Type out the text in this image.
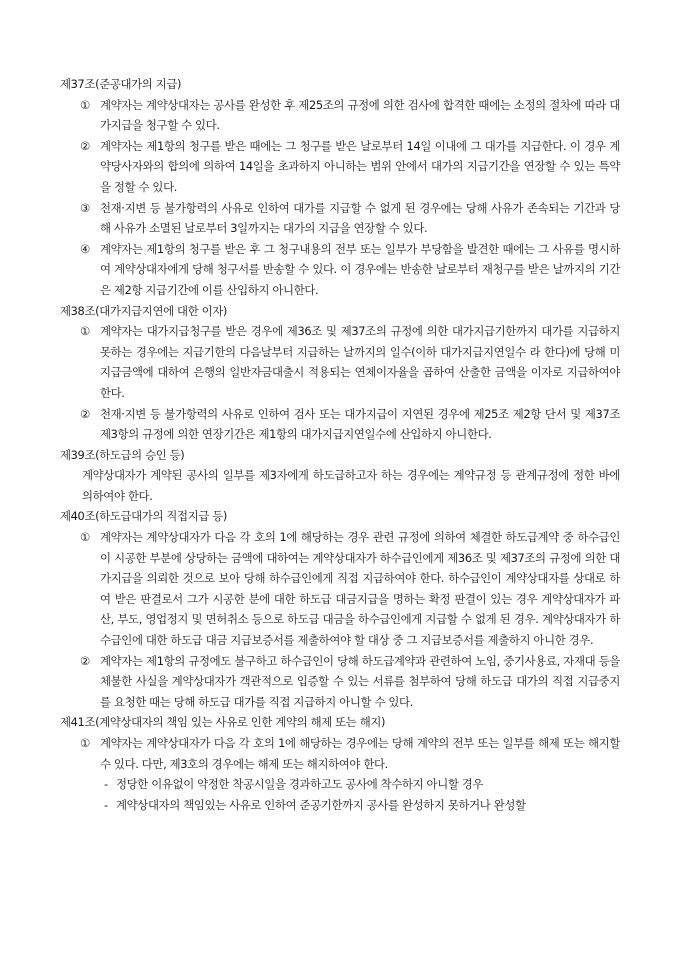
제37조(준공대가의 지급)
① 계약자는 계약상대자는 공사를 완성한 후 제25조의 규정에 의한 검사에 합격한 때에는 소정의 절차에 따라 대가지급을 청구할 수 있다.
② 계약자는 제1항의 청구를 받은 때에는 그 청구를 받은 날로부터 14일 이내에 그 대가를 지급한다. 이 경우 계약당사자와의 합의에 의하여 14일을 초과하지 아니하는 범위 안에서 대가의 지급기간을 연장할 수 있는 특약을 정할 수 있다.
③ 천재·지변 등 불가항력의 사유로 인하여 대가를 지급할 수 없게 된 경우에는 당해 사유가 존속되는 기간과 당해 사유가 소멸된 날로부터 3일까지는 대가의 지급을 연장할 수 있다.
④ 계약자는 제1항의 청구를 받은 후 그 청구내용의 전부 또는 일부가 부당함을 발견한 때에는 그 사유를 명시하여 계약상대자에게 당해 청구서를 반송할 수 있다. 이 경우에는 반송한 날로부터 재청구를 받은 날까지의 기간은 제2항 지급기간에 이를 산입하지 아니한다.
제38조(대가지급지연에 대한 이자)
① 계약자는 대가지급청구를 받은 경우에 제36조 및 제37조의 규정에 의한 대가지급기한까지 대가를 지급하지 못하는 경우에는 지급기한의 다음날부터 지급하는 날까지의 일수(이하 대가지급지연일수 라 한다)에 당해 미지급금액에 대하여 은행의 일반자금대출시 적용되는 연체이자율을 곱하여 산출한 금액을 이자로 지급하여야 한다.
② 천재·지변 등 불가항력의 사유로 인하여 검사 또는 대가지급이 지연된 경우에 제25조 제2항 단서 및 제37조 제3항의 규정에 의한 연장기간은 제1항의 대가지급지연일수에 산입하지 아니한다.
제39조(하도급의 승인 등)
계약상대자가 계약된 공사의 일부를 제3자에게 하도급하고자 하는 경우에는 계약규정 등 관계규정에 정한 바에 의하여야 한다.
제40조(하도급대가의 직접지급 등)
① 계약자는 계약상대자가 다음 각 호의 1에 해당하는 경우 관련 규정에 의하여 체결한 하도급계약 중 하수급인이 시공한 부분에 상당하는 금액에 대하여는 계약상대자가 하수급인에게 제36조 및 제37조의 규정에 의한 대가지급을 의뢰한 것으로 보아 당해 하수급인에게 직접 지급하여야 한다. 하수급인이 계약상대자를 상대로 하여 받은 판결로서 그가 시공한 분에 대한 하도급 대금지급을 명하는 확정 판결이 있는 경우 계약상대자가 파산, 부도, 영업정지 및 면허취소 등으로 하도급 대금을 하수급인에게 지급할 수 없게 된 경우. 계약상대자가 하수급인에 대한 하도급 대금 지급보증서를 제출하여야 할 대상 중 그 지급보증서를 제출하지 아니한 경우.
② 계약자는 제1항의 규정에도 불구하고 하수급인이 당해 하도급계약과 관련하여 노임, 중기사용료, 자재대 등을 체불한 사실을 계약상대자가 객관적으로 입증할 수 있는 서류를 첨부하여 당해 하도급 대가의 직접 지급중지를 요청한 때는 당해 하도급 대가를 직접 지급하지 아니할 수 있다.
제41조(계약상대자의 책임 있는 사유로 인한 계약의 해제 또는 해지)
① 계약자는 계약상대자가 다음 각 호의 1에 해당하는 경우에는 당해 계약의 전부 또는 일부를 해제 또는 해지할 수 있다. 다만, 제3호의 경우에는 해제 또는 해지하여야 한다.
- 정당한 이유없이 약정한 착공시일을 경과하고도 공사에 착수하지 아니할 경우
- 계약상대자의 책임있는 사유로 인하여 준공기한까지 공사를 완성하지 못하거나 완성할
